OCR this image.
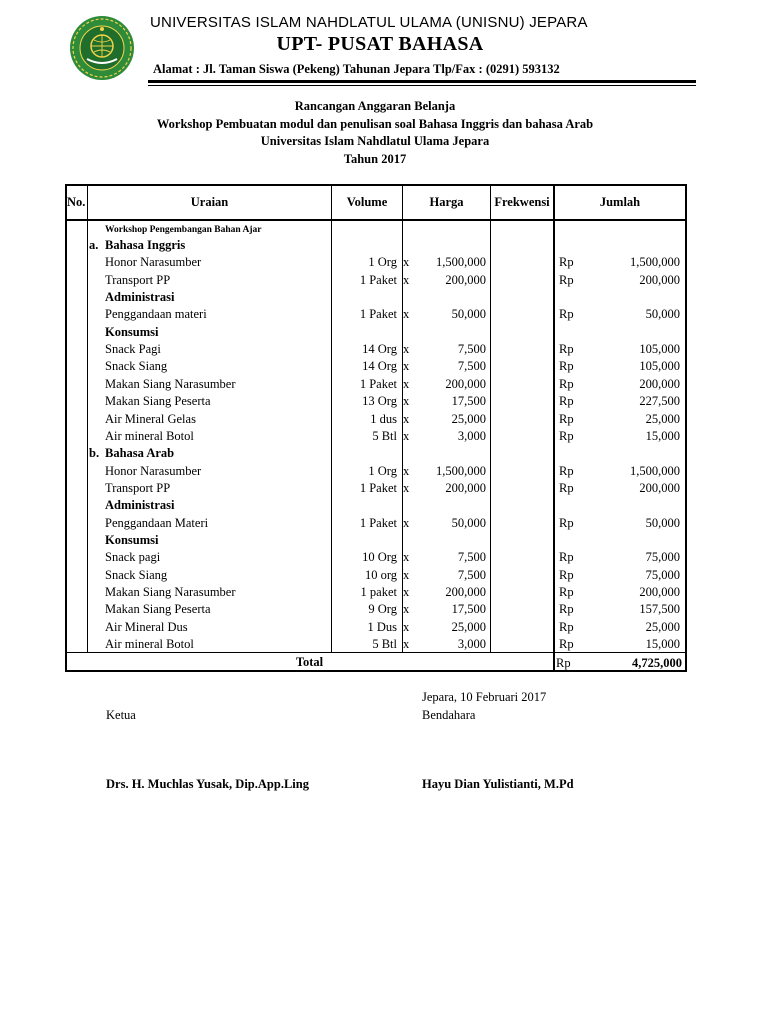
UNIVERSITAS ISLAM NAHDLATUL ULAMA (UNISNU) JEPARA
UPT- PUSAT BAHASA
Alamat : Jl. Taman Siswa (Pekeng) Tahunan Jepara Tlp/Fax : (0291) 593132
Rancangan Anggaran Belanja
Workshop Pembuatan modul dan penulisan soal Bahasa Inggris dan bahasa Arab
Universitas Islam Nahdlatul Ulama Jepara
Tahun 2017
No.	Uraian	Volume	Harga	Frekwensi	Jumlah
Workshop Pengembangan Bahan Ajar
a. Bahasa Inggris
Honor Narasumber	1 Org x	1,500,000	Rp	1,500,000
Transport PP	1 Paket x	200,000	Rp	200,000
Administrasi
Penggandaan materi	1 Paket x	50,000	Rp	50,000
Konsumsi
Snack Pagi	14 Org x	7,500	Rp	105,000
Snack Siang	14 Org x	7,500	Rp	105,000
Makan Siang Narasumber	1 Paket x	200,000	Rp	200,000
Makan Siang Peserta	13 Org x	17,500	Rp	227,500
Air Mineral Gelas	1 dus x	25,000	Rp	25,000
Air mineral Botol	5 Btl x	3,000	Rp	15,000
b. Bahasa Arab
Honor Narasumber	1 Org x	1,500,000	Rp	1,500,000
Transport PP	1 Paket x	200,000	Rp	200,000
Administrasi
Penggandaan Materi	1 Paket x	50,000	Rp	50,000
Konsumsi
Snack pagi	10 Org x	7,500	Rp	75,000
Snack Siang	10 org x	7,500	Rp	75,000
Makan Siang Narasumber	1 paket x	200,000	Rp	200,000
Makan Siang Peserta	9 Org x	17,500	Rp	157,500
Air Mineral Dus	1 Dus x	25,000	Rp	25,000
Air mineral Botol	5 Btl x	3,000	Rp	15,000
Total	Rp	4,725,000
Jepara, 10 Februari 2017
Ketua	Bendahara
Drs. H. Muchlas Yusak, Dip.App.Ling	Hayu Dian Yulistianti, M.Pd
